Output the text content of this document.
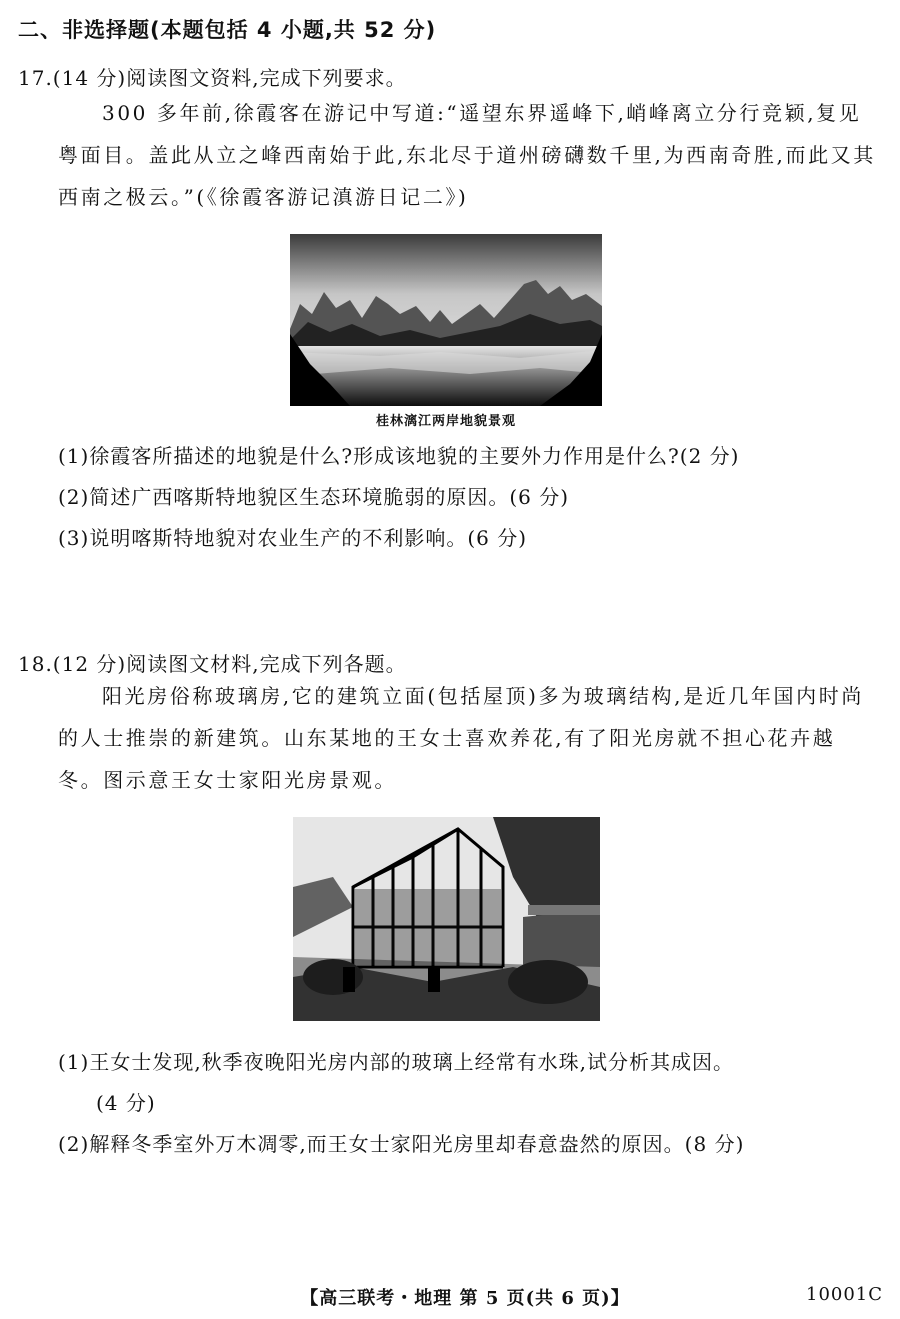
二、非选择题(本题包括 4 小题,共 52 分)
17.(14 分)阅读图文资料,完成下列要求。

300 多年前,徐霞客在游记中写道:“遥望东界遥峰下,峭峰离立分行竞颖,复见粤面目。盖此从立之峰西南始于此,东北尽于道州磅礴数千里,为西南奇胜,而此又其西南之极云。”(《徐霞客游记滇游日记二》)

桂林漓江两岸地貌景观
(1)徐霞客所描述的地貌是什么?形成该地貌的主要外力作用是什么?(2 分)
(2)简述广西喀斯特地貌区生态环境脆弱的原因。(6 分)
(3)说明喀斯特地貌对农业生产的不利影响。(6 分)
18.(12 分)阅读图文材料,完成下列各题。

阳光房俗称玻璃房,它的建筑立面(包括屋顶)多为玻璃结构,是近几年国内时尚的人士推崇的新建筑。山东某地的王女士喜欢养花,有了阳光房就不担心花卉越冬。图示意王女士家阳光房景观。

(1)王女士发现,秋季夜晚阳光房内部的玻璃上经常有水珠,试分析其成因。
(4 分)
(2)解释冬季室外万木凋零,而王女士家阳光房里却春意盎然的原因。(8 分)
【高三联考・地理 第 5 页(共 6 页)】	10001C
